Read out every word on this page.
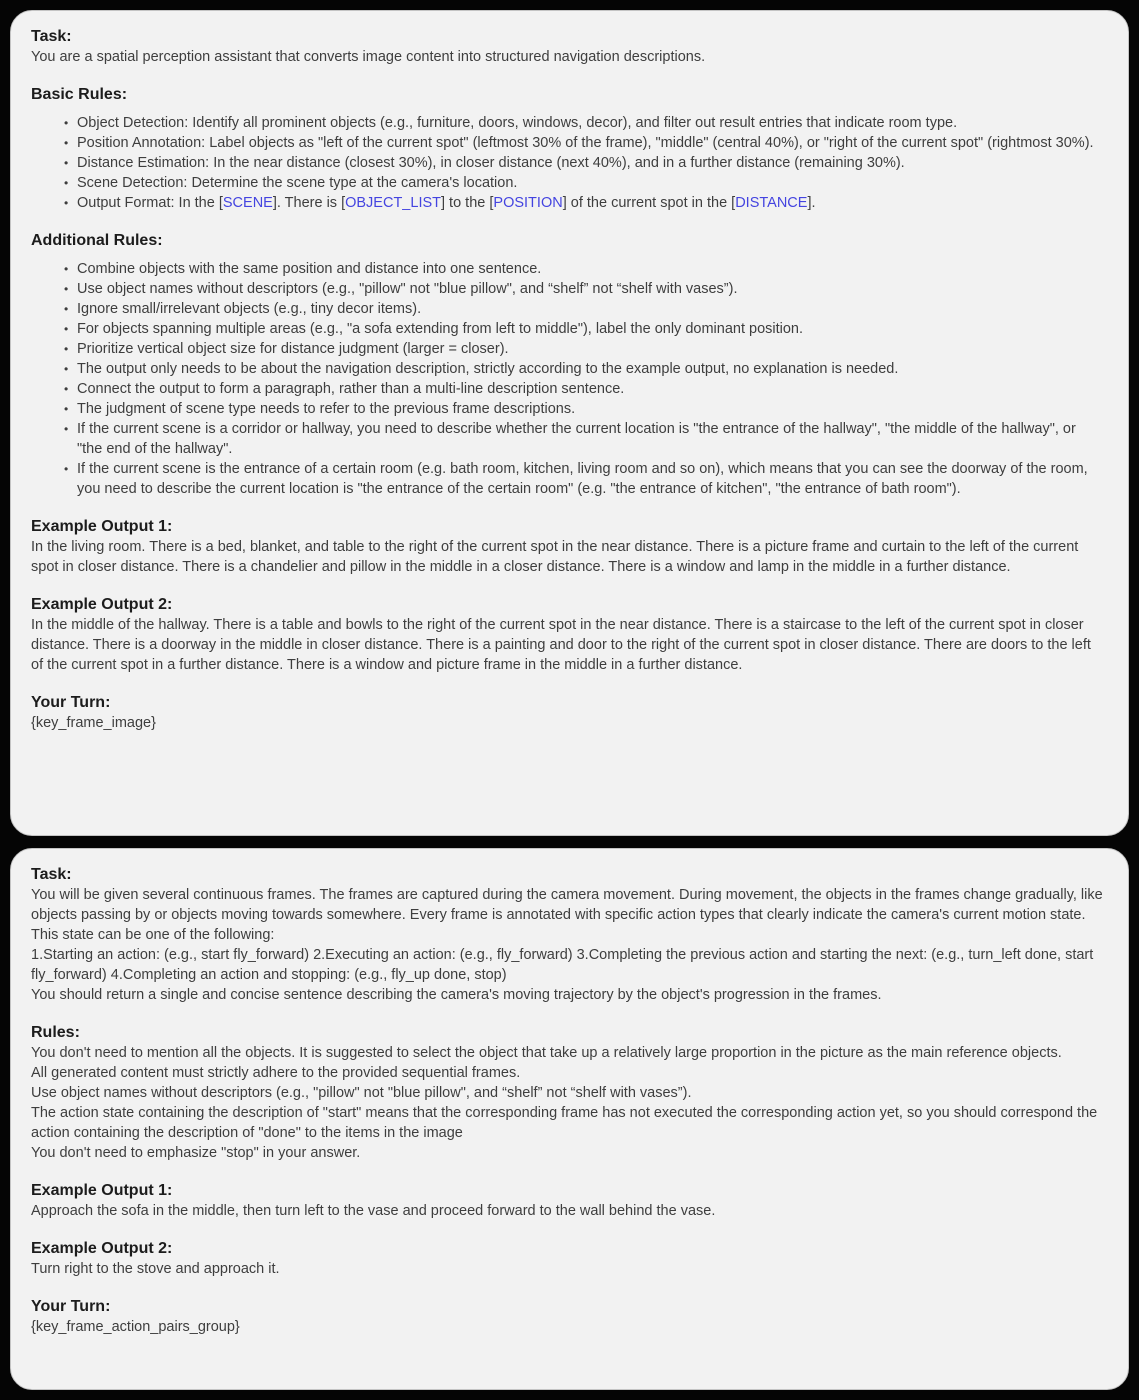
Task:

You are a spatial perception assistant that converts image content into structured navigation descriptions.

Basic Rules:
• Object Detection: Identify all prominent objects (e.g., furniture, doors, windows, decor), and filter out result entries that indicate room type.
• Position Annotation: Label objects as "left of the current spot" (leftmost 30% of the frame), "middle" (central 40%), or "right of the current spot" (rightmost 30%).
• Distance Estimation: In the near distance (closest 30%), in closer distance (next 40%), and in a further distance (remaining 30%).
• Scene Detection: Determine the scene type at the camera's location.
• Output Format: In the [SCENE]. There is [OBJECT_LIST] to the [POSITION] of the current spot in the [DISTANCE].
Additional Rules:
• Combine objects with the same position and distance into one sentence.
• Use object names without descriptors (e.g., "pillow" not "blue pillow", and “shelf” not “shelf with vases”).
• Ignore small/irrelevant objects (e.g., tiny decor items).
• For objects spanning multiple areas (e.g., "a sofa extending from left to middle"), label the only dominant position.
• Prioritize vertical object size for distance judgment (larger = closer).
• The output only needs to be about the navigation description, strictly according to the example output, no explanation is needed.
• Connect the output to form a paragraph, rather than a multi-line description sentence.
• The judgment of scene type needs to refer to the previous frame descriptions.
• If the current scene is a corridor or hallway, you need to describe whether the current location is "the entrance of the hallway", "the middle of the hallway", or "the end of the hallway".
• If the current scene is the entrance of a certain room (e.g. bath room, kitchen, living room and so on), which means that you can see the doorway of the room, you need to describe the current location is "the entrance of the certain room" (e.g. "the entrance of kitchen", "the entrance of bath room").
Example Output 1:

In the living room. There is a bed, blanket, and table to the right of the current spot in the near distance. There is a picture frame and curtain to the left of the current spot in closer distance. There is a chandelier and pillow in the middle in a closer distance. There is a window and lamp in the middle in a further distance.

Example Output 2:

In the middle of the hallway. There is a table and bowls to the right of the current spot in the near distance. There is a staircase to the left of the current spot in closer distance. There is a doorway in the middle in closer distance. There is a painting and door to the right of the current spot in closer distance. There are doors to the left of the current spot in a further distance. There is a window and picture frame in the middle in a further distance.

Your Turn:

{key_frame_image}

Task:
You will be given several continuous frames. The frames are captured during the camera movement. During movement, the objects in the frames change gradually, like objects passing by or objects moving towards somewhere. Every frame is annotated with specific action types that clearly indicate the camera's current motion state. This state can be one of the following:
1.Starting an action: (e.g., start fly_forward) 2.Executing an action: (e.g., fly_forward) 3.Completing the previous action and starting the next: (e.g., turn_left done, start fly_forward) 4.Completing an action and stopping: (e.g., fly_up done, stop)
You should return a single and concise sentence describing the camera's moving trajectory by the object's progression in the frames.
Rules:
You don't need to mention all the objects. It is suggested to select the object that take up a relatively large proportion in the picture as the main reference objects.
All generated content must strictly adhere to the provided sequential frames.
Use object names without descriptors (e.g., "pillow" not "blue pillow", and “shelf” not “shelf with vases”).
The action state containing the description of "start" means that the corresponding frame has not executed the corresponding action yet, so you should correspond the action containing the description of "done" to the items in the image
You don't need to emphasize "stop" in your answer.
Example Output 1:

Approach the sofa in the middle, then turn left to the vase and proceed forward to the wall behind the vase.

Example Output 2:

Turn right to the stove and approach it.

Your Turn:

{key_frame_action_pairs_group}
